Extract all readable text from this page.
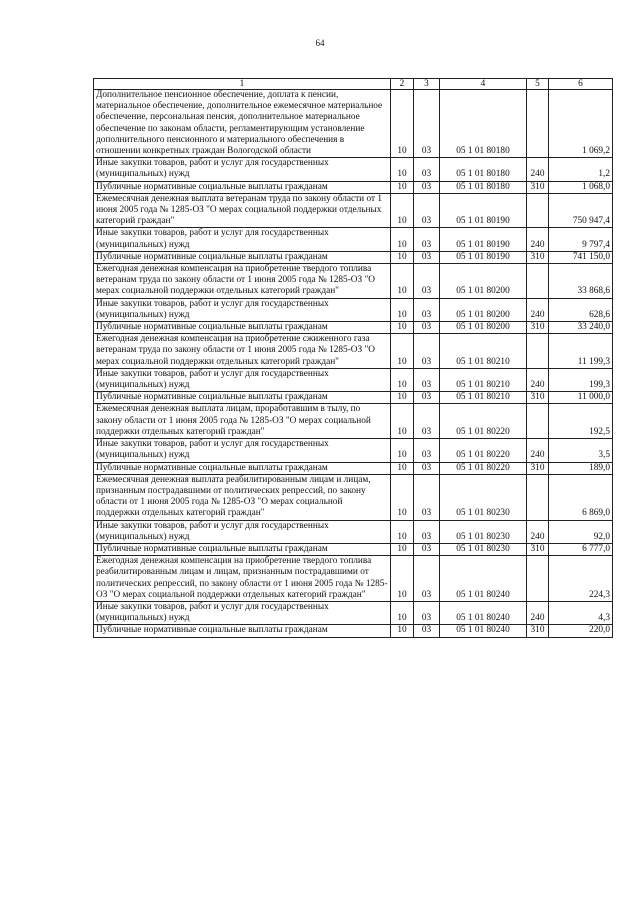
64
1	2	3	4	5	6
Дополнительное пенсионное обеспечение, доплата к пенсии, материальное обеспечение, дополнительное ежемесячное материальное обеспечение, персональная пенсия, дополнительное материальное обеспечение по законам области, регламентирующим установление дополнительного пенсионного и материального обеспечения в отношении конкретных граждан Вологодской области	10	03	05 1 01 80180		1 069,2
Иные закупки товаров, работ и услуг для государственных (муниципальных) нужд	10	03	05 1 01 80180	240	1,2
Публичные нормативные социальные выплаты гражданам	10	03	05 1 01 80180	310	1 068,0
Ежемесячная денежная выплата ветеранам труда по закону области от 1 июня 2005 года № 1285-ОЗ "О мерах социальной поддержки отдельных категорий граждан"	10	03	05 1 01 80190		750 947,4
Иные закупки товаров, работ и услуг для государственных (муниципальных) нужд	10	03	05 1 01 80190	240	9 797,4
Публичные нормативные социальные выплаты гражданам	10	03	05 1 01 80190	310	741 150,0
Ежегодная денежная компенсация на приобретение твердого топлива ветеранам труда по закону области от 1 июня 2005 года № 1285-ОЗ "О мерах социальной поддержки отдельных категорий граждан"	10	03	05 1 01 80200		33 868,6
Иные закупки товаров, работ и услуг для государственных (муниципальных) нужд	10	03	05 1 01 80200	240	628,6
Публичные нормативные социальные выплаты гражданам	10	03	05 1 01 80200	310	33 240,0
Ежегодная денежная компенсация на приобретение сжиженного газа ветеранам труда по закону области от 1 июня 2005 года № 1285-ОЗ "О мерах социальной поддержки отдельных категорий граждан"	10	03	05 1 01 80210		11 199,3
Иные закупки товаров, работ и услуг для государственных (муниципальных) нужд	10	03	05 1 01 80210	240	199,3
Публичные нормативные социальные выплаты гражданам	10	03	05 1 01 80210	310	11 000,0
Ежемесячная денежная выплата лицам, проработавшим в тылу, по закону области от 1 июня 2005 года № 1285-ОЗ "О мерах социальной поддержки отдельных категорий граждан"	10	03	05 1 01 80220		192,5
Иные закупки товаров, работ и услуг для государственных (муниципальных) нужд	10	03	05 1 01 80220	240	3,5
Публичные нормативные социальные выплаты гражданам	10	03	05 1 01 80220	310	189,0
Ежемесячная денежная выплата реабилитированным лицам и лицам, признанным пострадавшими от политических репрессий, по закону области от 1 июня 2005 года № 1285-ОЗ "О мерах социальной поддержки отдельных категорий граждан"	10	03	05 1 01 80230		6 869,0
Иные закупки товаров, работ и услуг для государственных (муниципальных) нужд	10	03	05 1 01 80230	240	92,0
Публичные нормативные социальные выплаты гражданам	10	03	05 1 01 80230	310	6 777,0
Ежегодная денежная компенсация на приобретение твердого топлива реабилитированным лицам и лицам, признанным пострадавшими от политических репрессий, по закону области от 1 июня 2005 года № 1285-ОЗ "О мерах социальной поддержки отдельных категорий граждан"	10	03	05 1 01 80240		224,3
Иные закупки товаров, работ и услуг для государственных (муниципальных) нужд	10	03	05 1 01 80240	240	4,3
Публичные нормативные социальные выплаты гражданам	10	03	05 1 01 80240	310	220,0
